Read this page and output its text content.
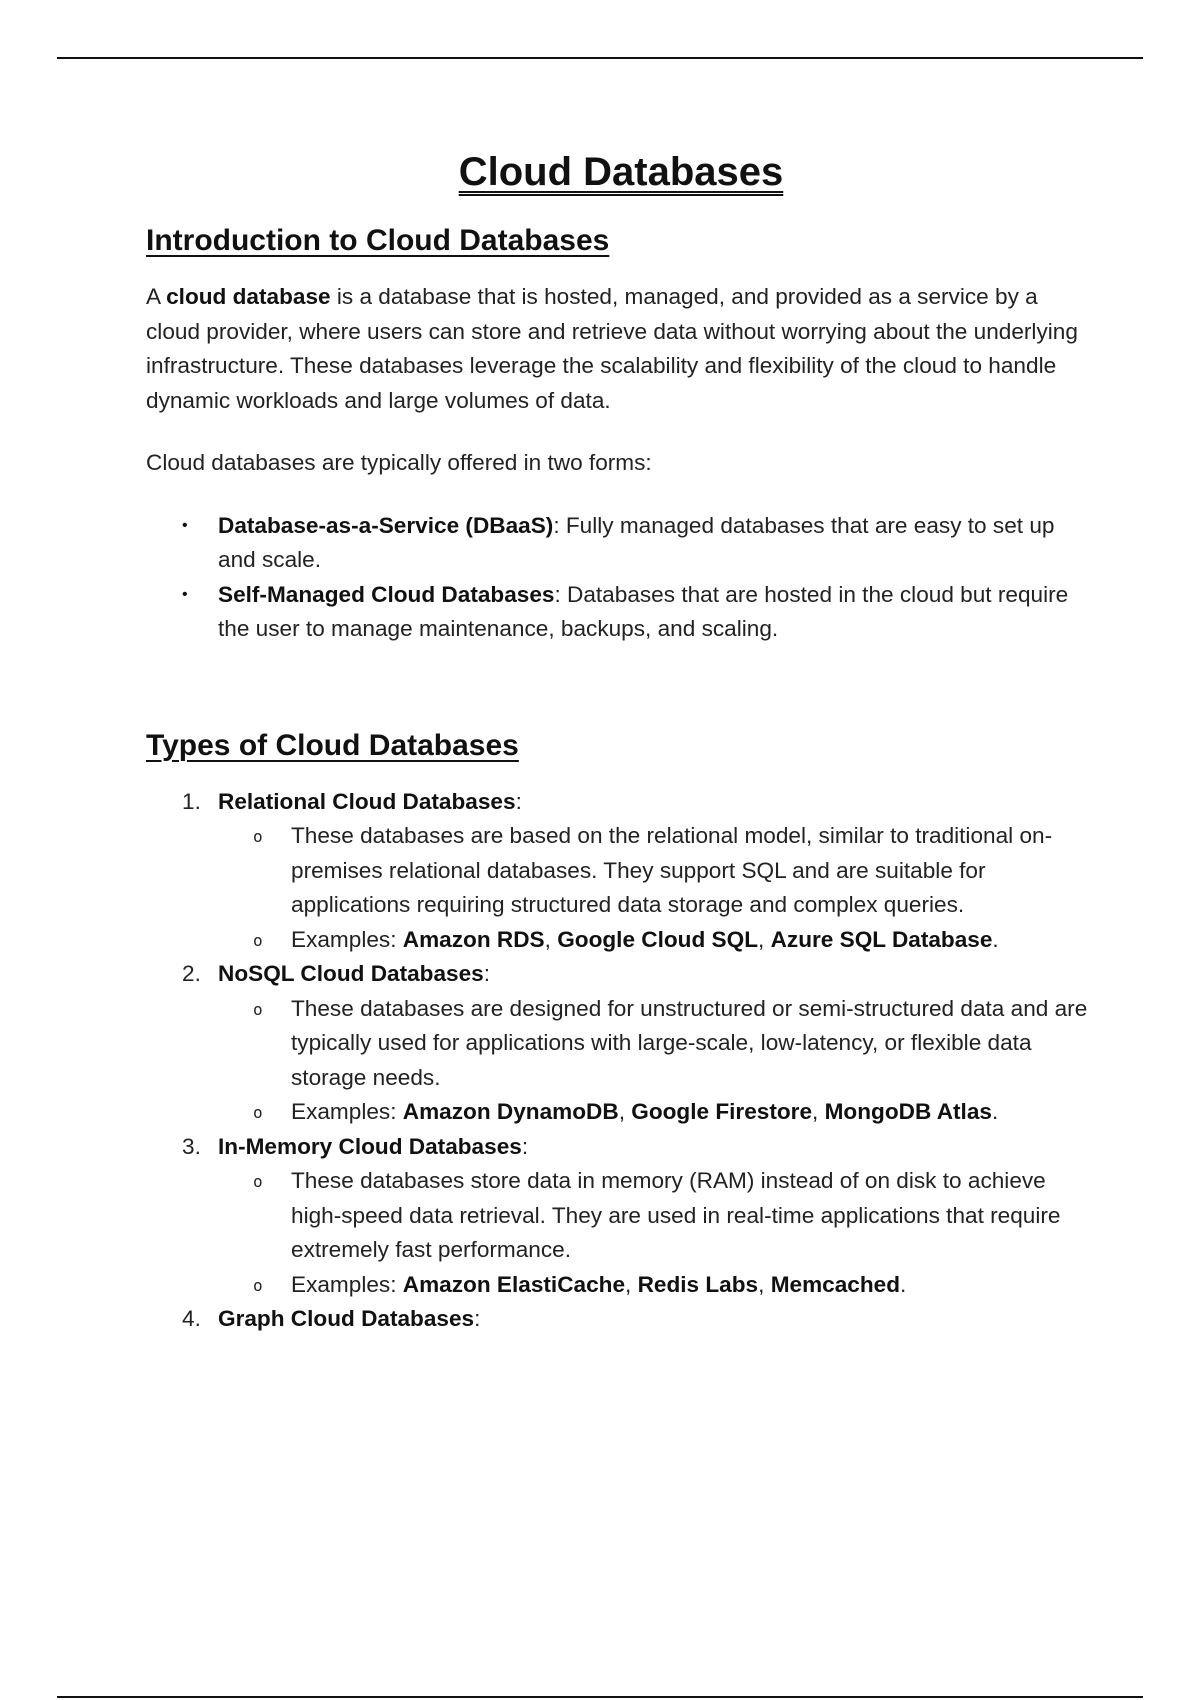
Cloud Databases
Introduction to Cloud Databases

A cloud database is a database that is hosted, managed, and provided as a service by a cloud provider, where users can store and retrieve data without worrying about the underlying infrastructure. These databases leverage the scalability and flexibility of the cloud to handle dynamic workloads and large volumes of data.

Cloud databases are typically offered in two forms:

• Database-as-a-Service (DBaaS): Fully managed databases that are easy to set up and scale.
• Self-Managed Cloud Databases: Databases that are hosted in the cloud but require the user to manage maintenance, backups, and scaling.
Types of Cloud Databases
1. Relational Cloud Databases:
o These databases are based on the relational model, similar to traditional on-premises relational databases. They support SQL and are suitable for applications requiring structured data storage and complex queries.
o Examples: Amazon RDS, Google Cloud SQL, Azure SQL Database.
2. NoSQL Cloud Databases:
o These databases are designed for unstructured or semi-structured data and are typically used for applications with large-scale, low-latency, or flexible data storage needs.
o Examples: Amazon DynamoDB, Google Firestore, MongoDB Atlas.
3. In-Memory Cloud Databases:
o These databases store data in memory (RAM) instead of on disk to achieve high-speed data retrieval. They are used in real-time applications that require extremely fast performance.
o Examples: Amazon ElastiCache, Redis Labs, Memcached.
4. Graph Cloud Databases:
